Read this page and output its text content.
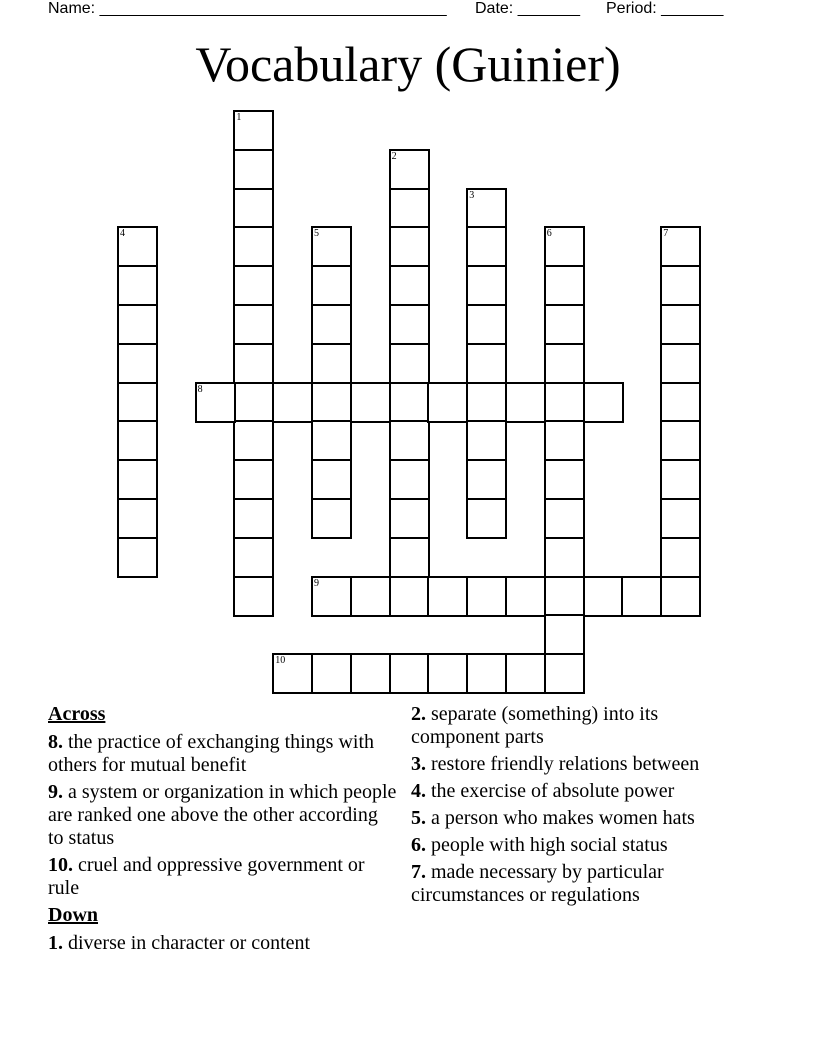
Name: _______________________________________ Date: _______ Period: _______
Vocabulary (Guinier)
1
2
3
4	5	6	7
8
9
10
Across
8. the practice of exchanging things with others for mutual benefit
9. a system or organization in which people are ranked one above the other according to status
10. cruel and oppressive government or rule
Down
1. diverse in character or content
2. separate (something) into its component parts
3. restore friendly relations between
4. the exercise of absolute power
5. a person who makes women hats
6. people with high social status
7. made necessary by particular circumstances or regulations
